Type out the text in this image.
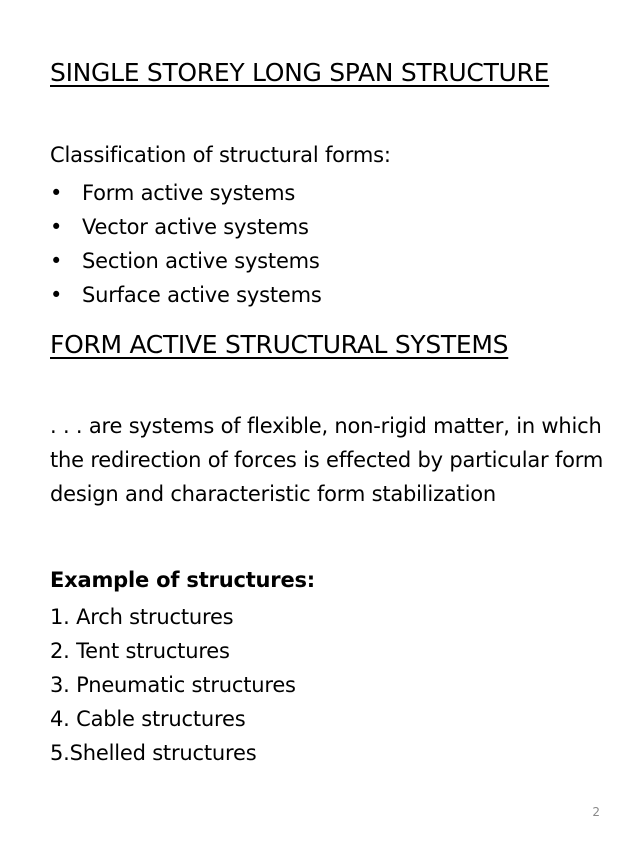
SINGLE STOREY LONG SPAN STRUCTURE
Classification of structural forms:
• Form active systems
• Vector active systems
• Section active systems
• Surface active systems
FORM ACTIVE STRUCTURAL SYSTEMS
. . . are systems of flexible, non-rigid matter, in which the redirection of forces is effected by particular form design and characteristic form stabilization
Example of structures:
1. Arch structures
2. Tent structures
3. Pneumatic structures
4. Cable structures
5.Shelled structures
2
